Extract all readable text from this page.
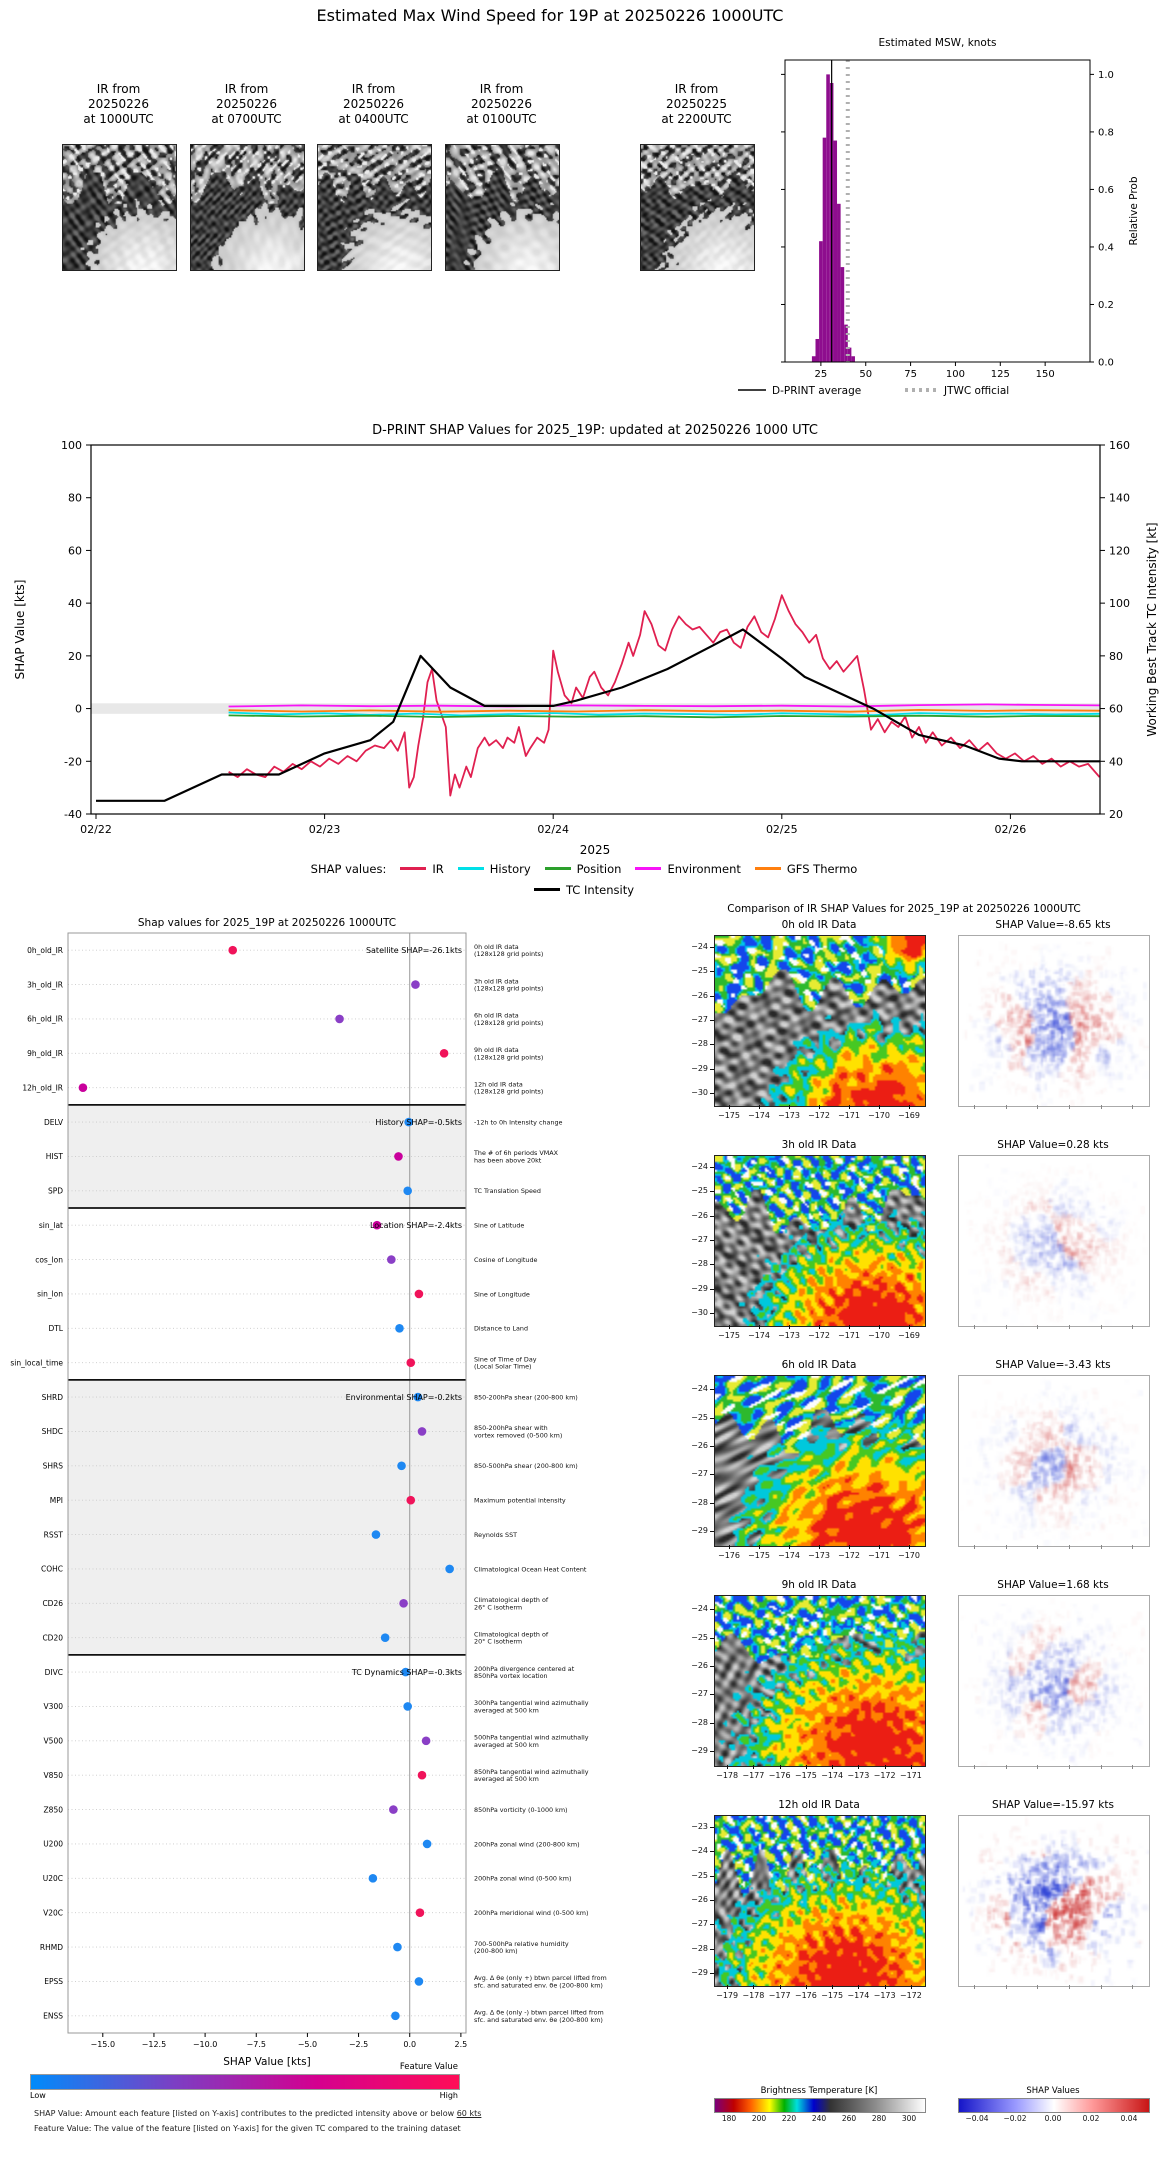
Estimated Max Wind Speed for 19P at 20250226 1000UTC
IR from
20250226
at 1000UTC
IR from
20250226
at 0700UTC
IR from
20250226
at 0400UTC
IR from
20250226
at 0100UTC
IR from
20250225
at 2200UTC
Estimated MSW, knots
0.0
0.2
0.4
0.6
0.8
1.0
25	50	75	100	125	150
Relative Prob
D-PRINT average	JTWC official
D-PRINT SHAP Values for 2025_19P: updated at 20250226 1000 UTC
-40
-20
0
20
40
60
80
100
20
40
60
80
100
120
140
160
02/22	02/23	02/24	02/25	02/26
2025
SHAP Value [kts]	Working Best Track TC Intensity [kt]
SHAP values:	IR	History	Position	Environment	GFS Thermo
TC Intensity
Shap values for 2025_19P at 20250226 1000UTC
0h_old_IR	0h old IR data (128x128 grid points)
3h_old_IR	3h old IR data (128x128 grid points)
6h_old_IR	6h old IR data (128x128 grid points)
9h_old_IR	9h old IR data (128x128 grid points)
12h_old_IR	12h old IR data (128x128 grid points)
Satellite SHAP=-26.1kts
DELV	-12h to 0h Intensity change
HIST	The # of 6h periods VMAX has been above 20kt
SPD	TC Translation Speed
History SHAP=-0.5kts
sin_lat	Sine of Latitude
cos_lon	Cosine of Longitude
sin_lon	Sine of Longitude
DTL	Distance to Land
sin_local_time	Sine of Time of Day (Local Solar Time)
Location SHAP=-2.4kts
SHRD	850-200hPa shear (200-800 km)
SHDC	850-200hPa shear with vortex removed (0-500 km)
SHRS	850-500hPa shear (200-800 km)
MPI	Maximum potential intensity
RSST	Reynolds SST
COHC	Climatological Ocean Heat Content
CD26	Climatological depth of 26° C isotherm
CD20	Climatological depth of 20° C isotherm
Environmental SHAP=-0.2kts
DIVC	200hPa divergence centered at 850hPa vortex location
V300	300hPa tangential wind azimuthally averaged at 500 km
V500	500hPa tangential wind azimuthally averaged at 500 km
V850	850hPa tangential wind azimuthally averaged at 500 km
Z850	850hPa vorticity (0-1000 km)
U200	200hPa zonal wind (200-800 km)
U20C	200hPa zonal wind (0-500 km)
V20C	200hPa meridional wind (0-500 km)
RHMD	700-500hPa relative humidity (200-800 km)
EPSS	Avg. Δ θe (only +) btwn parcel lifted from sfc. and saturated env. θe (200-800 km)
ENSS	Avg. Δ θe (only -) btwn parcel lifted from sfc. and saturated env. θe (200-800 km)
TC Dynamics SHAP=-0.3kts
−15.0	−12.5	−10.0	−7.5	−5.0	−2.5	0.0	2.5
SHAP Value [kts]	Feature Value
Low	High
SHAP Value: Amount each feature [listed on Y-axis] contributes to the predicted intensity above or below 60 kts
Feature Value: The value of the feature [listed on Y-axis] for the given TC compared to the training dataset
Comparison of IR SHAP Values for 2025_19P at 20250226 1000UTC
0h old IR Data
−24
−25
−26
−27
−28
−29
−30
−175	−174	−173	−172	−171	−170	−169
SHAP Value=-8.65 kts
3h old IR Data
−24
−25
−26
−27
−28
−29
−30
−175	−174	−173	−172	−171	−170	−169
SHAP Value=0.28 kts
6h old IR Data
−24
−25
−26
−27
−28
−29
−176	−175	−174	−173	−172	−171	−170
SHAP Value=-3.43 kts
9h old IR Data
−24
−25
−26
−27
−28
−29
−178 −177 −176 −175 −174 −173 −172 −171
SHAP Value=1.68 kts
12h old IR Data
−23
−24
−25
−26
−27
−28
−29
−179 −178 −177 −176 −175 −174 −173 −172
SHAP Value=-15.97 kts
Brightness Temperature [K]
180	200	220	240	260	280	300
SHAP Values
−0.04	−0.02	0.00	0.02	0.04
